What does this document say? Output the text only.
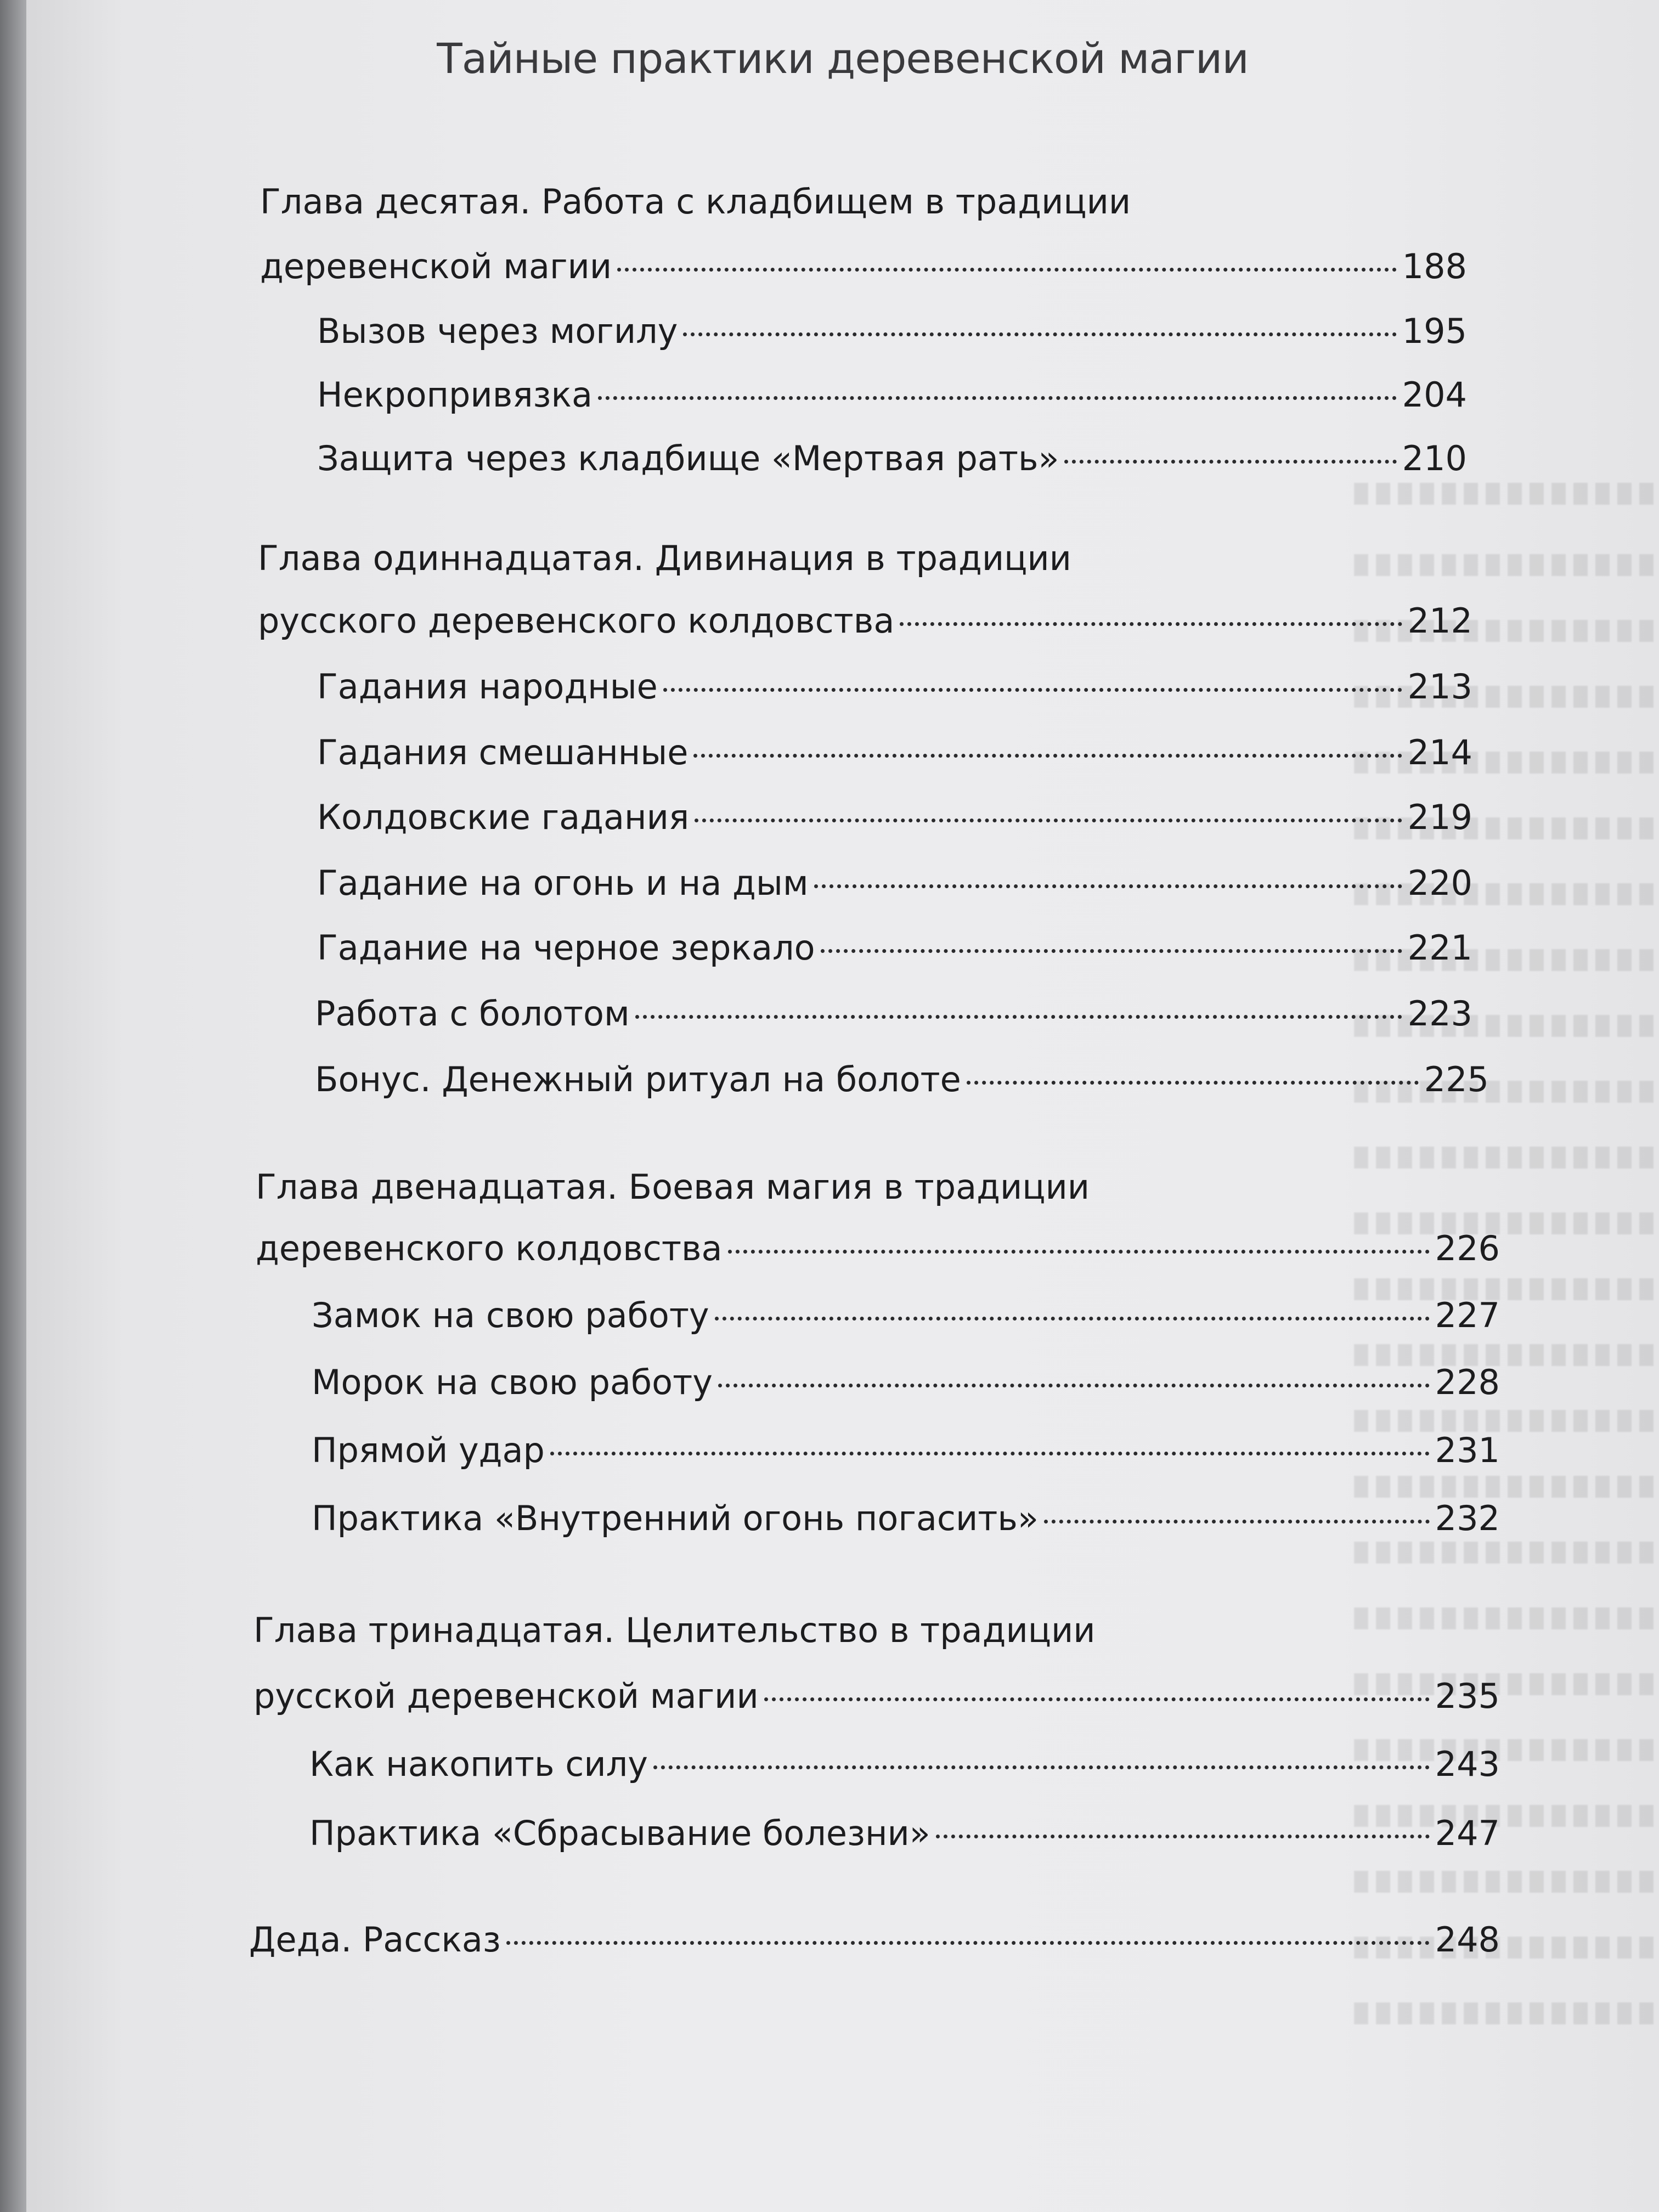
Тайные практики деревенской магии
Глава десятая. Работа с кладбищем в традиции
деревенской магии	188
Вызов через могилу	195
Некропривязка	204
Защита через кладбище «Мертвая рать»	210
Глава одиннадцатая. Дивинация в традиции
русского деревенского колдовства	212
Гадания народные	213
Гадания смешанные	214
Колдовские гадания	219
Гадание на огонь и на дым	220
Гадание на черное зеркало	221
Работа с болотом	223
Бонус. Денежный ритуал на болоте	225
Глава двенадцатая. Боевая магия в традиции
деревенского колдовства	226
Замок на свою работу	227
Морок на свою работу	228
Прямой удар	231
Практика «Внутренний огонь погасить»	232
Глава тринадцатая. Целительство в традиции
русской деревенской магии	235
Как накопить силу	243
Практика «Сбрасывание болезни»	247
Деда. Рассказ	248
